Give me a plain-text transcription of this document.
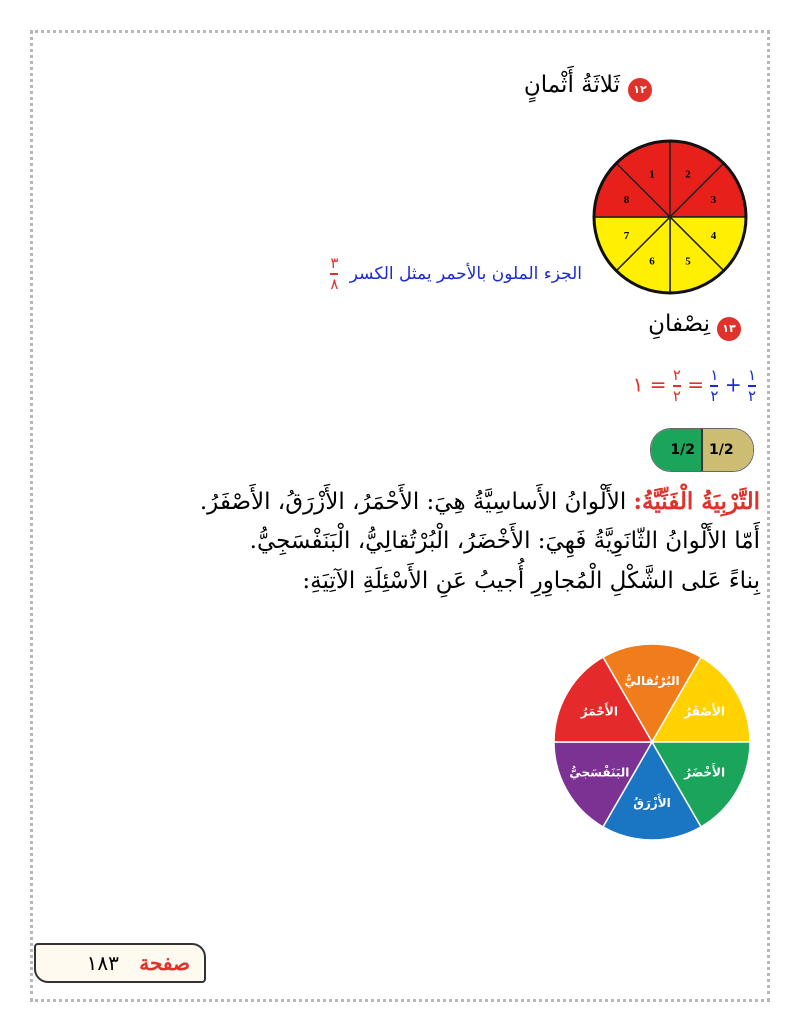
١٢
ثَلاثَةُ أَثْمانٍ
1	2
3
4
5
6
7
8
الجزء الملون بالأحمر يمثل الكسر
$\frac{٣}{٨}$
١٣
نِصْفانِ
$\frac{١}{٢}$
+
$\frac{١}{٢}$
=
$\frac{٢}{٢}$
= ١
1/2 1/2
التَّرْبِيَةُ الْفَنِّيَّةُ: الأَلْوانُ الأَساسِيَّةُ هِيَ: الأَحْمَرُ، الأَزْرَقُ، الأَصْفَرُ.
أَمّا الأَلْوانُ الثّانَوِيَّةُ فَهِيَ: الأَخْضَرُ، الْبُرْتُقالِيُّ، الْبَنَفْسَجِيُّ.
بِناءً عَلى الشَّكْلِ الْمُجاوِرِ أُجيبُ عَنِ الأَسْئِلَةِ الآتِيَةِ:
البُرْتُقاليُّ
الأَصْفَرُ
الأَخْضَرُ
الأَزْرَقُ
البَنَفْسَجيُّ
الأَحْمَرُ
صفحة ١٨٣
